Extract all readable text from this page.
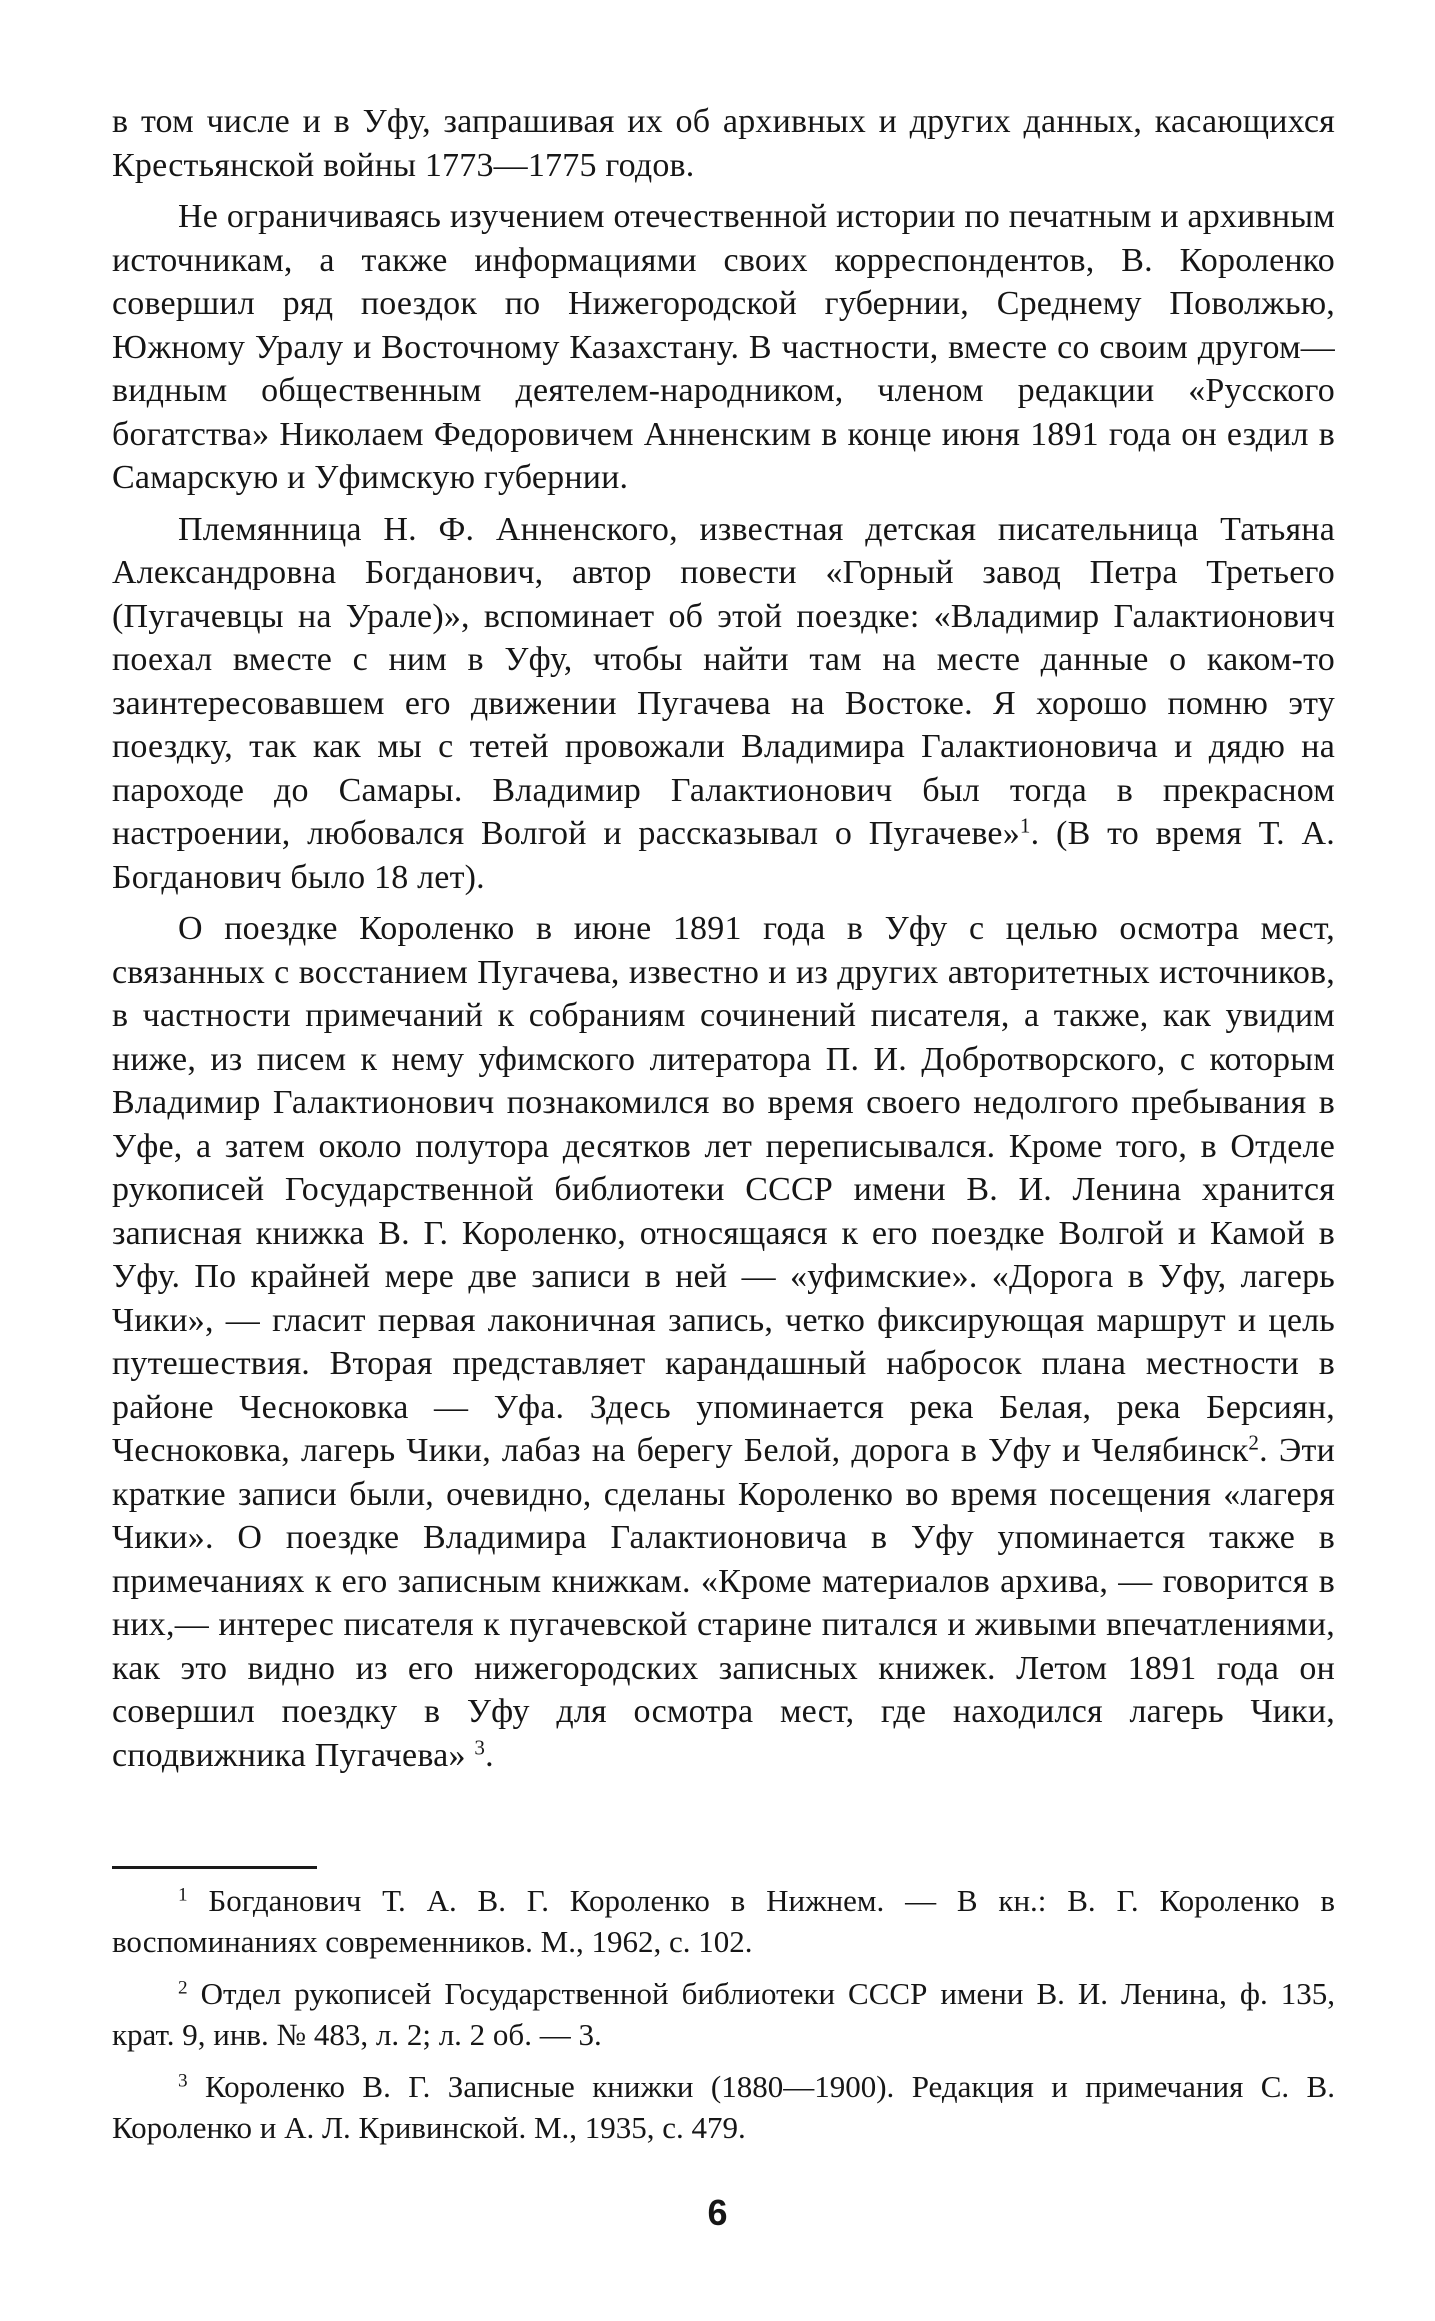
в том числе и в Уфу, запрашивая их об архивных и других данных, касающихся Крестьянской войны 1773—1775 годов.

Не ограничиваясь изучением отечественной истории по печатным и архивным источникам, а также информациями своих корреспондентов, В. Короленко совершил ряд поездок по Нижегородской губернии, Среднему Поволжью, Южному Уралу и Восточному Казахстану. В частности, вместе со своим другом—видным общественным деятелем-народником, членом редакции «Русского богатства» Николаем Федоровичем Анненским в конце июня 1891 года он ездил в Самарскую и Уфимскую губернии.

Племянница Н. Ф. Анненского, известная детская писательница Татьяна Александровна Богданович, автор повести «Горный завод Петра Третьего (Пугачевцы на Урале)», вспоминает об этой поездке: «Владимир Галактионович поехал вместе с ним в Уфу, чтобы найти там на месте данные о каком-то заинтересовавшем его движении Пугачева на Востоке. Я хорошо помню эту поездку, так как мы с тетей провожали Владимира Галактионовича и дядю на пароходе до Самары. Владимир Галактионович был тогда в прекрасном настроении, любовался Волгой и рассказывал о Пугачеве»$^1$. (В то время Т. А. Богданович было 18 лет).

О поездке Короленко в июне 1891 года в Уфу с целью осмотра мест, связанных с восстанием Пугачева, известно и из других авторитетных источников, в частности примечаний к собраниям сочинений писателя, а также, как увидим ниже, из писем к нему уфимского литератора П. И. Добротворского, с которым Владимир Галактионович познакомился во время своего недолгого пребывания в Уфе, а затем около полутора десятков лет переписывался. Кроме того, в Отделе рукописей Государственной библиотеки СССР имени В. И. Ленина хранится записная книжка В. Г. Короленко, относящаяся к его поездке Волгой и Камой в Уфу. По крайней мере две записи в ней — «уфимские». «Дорога в Уфу, лагерь Чики», — гласит первая лаконичная запись, четко фиксирующая маршрут и цель путешествия. Вторая представляет карандашный набросок плана местности в районе Чесноковка — Уфа. Здесь упоминается река Белая, река Берсиян, Чесноковка, лагерь Чики, лабаз на берегу Белой, дорога в Уфу и Челябинск$^2$. Эти краткие записи были, очевидно, сделаны Короленко во время посещения «лагеря Чики». О поездке Владимира Галактионовича в Уфу упоминается также в примечаниях к его записным книжкам. «Кроме материалов архива, — говорится в них,— интерес писателя к пугачевской старине питался и живыми впечатлениями, как это видно из его нижегородских записных книжек. Летом 1891 года он совершил поездку в Уфу для осмотра мест, где находился лагерь Чики, сподвижника Пугачева» $^3$.

$^1$ Богданович Т. А. В. Г. Короленко в Нижнем. — В кн.: В. Г. Короленко в воспоминаниях современников. М., 1962, с. 102.

$^2$ Отдел рукописей Государственной библиотеки СССР имени В. И. Ленина, ф. 135, крат. 9, инв. № 483, л. 2; л. 2 об. — 3.

$^3$ Короленко В. Г. Записные книжки (1880—1900). Редакция и примечания С. В. Короленко и А. Л. Кривинской. М., 1935, с. 479.

6
